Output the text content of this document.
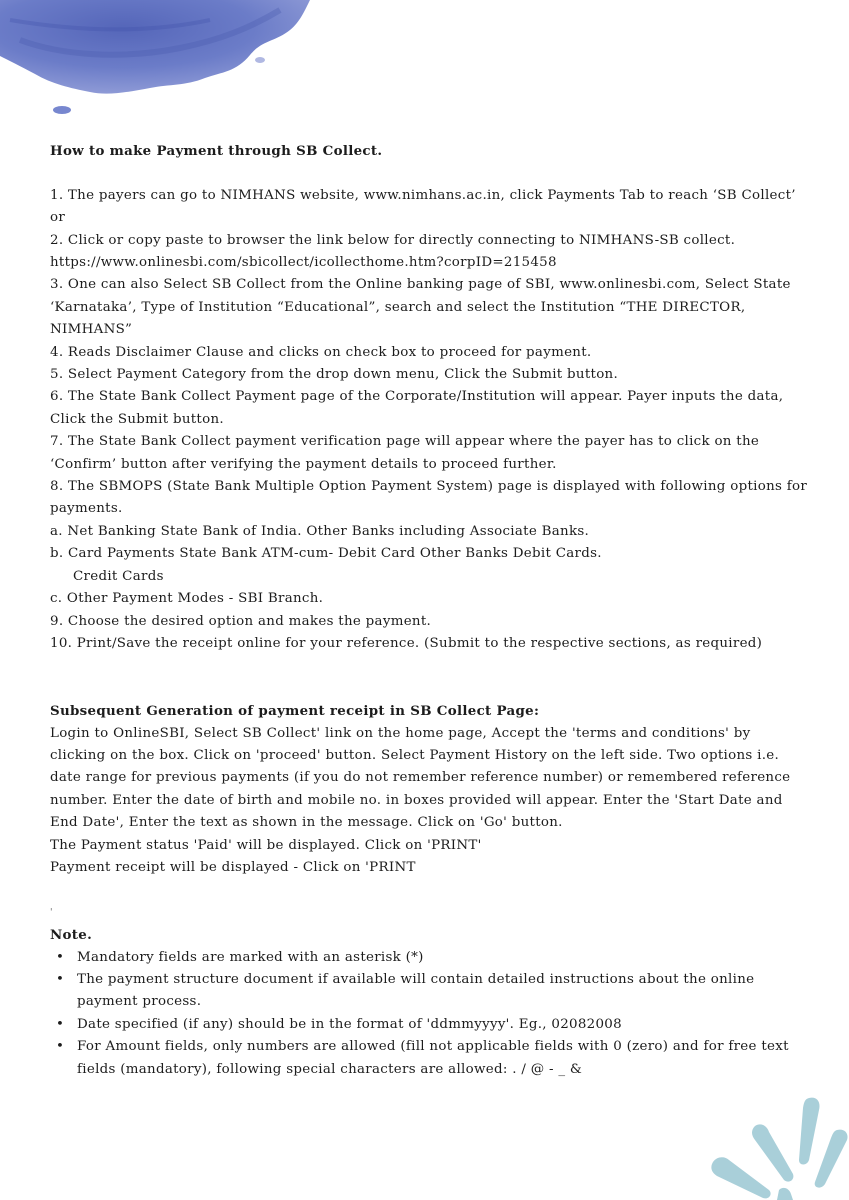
How to make Payment through SB Collect.

1. The payers can go to NIMHANS website, www.nimhans.ac.in, click Payments Tab to reach ‘SB Collect’ or

2. Click or copy paste to browser the link below for directly connecting to NIMHANS-SB collect. https://www.onlinesbi.com/sbicollect/icollecthome.htm?corpID=215458

3. One can also Select SB Collect from the Online banking page of SBI, www.onlinesbi.com, Select State ‘Karnataka’, Type of Institution “Educational”, search and select the Institution “THE DIRECTOR, NIMHANS”

4. Reads Disclaimer Clause and clicks on check box to proceed for payment.

5. Select Payment Category from the drop down menu, Click the Submit button.

6. The State Bank Collect Payment page of the Corporate/Institution will appear. Payer inputs the data, Click the Submit button.

7. The State Bank Collect payment verification page will appear where the payer has to click on the ‘Confirm’ button after verifying the payment details to proceed further.

8. The SBMOPS (State Bank Multiple Option Payment System) page is displayed with following options for payments.

a. Net Banking State Bank of India. Other Banks including Associate Banks.

b. Card Payments State Bank ATM-cum- Debit Card Other Banks Debit Cards.

Credit Cards

c. Other Payment Modes - SBI Branch.

9. Choose the desired option and makes the payment.

10. Print/Save the receipt online for your reference. (Submit to the respective sections, as required)

Subsequent Generation of payment receipt in SB Collect Page:

Login to OnlineSBI, Select SB Collect' link on the home page, Accept the 'terms and conditions' by clicking on the box. Click on 'proceed' button. Select Payment History on the left side. Two options i.e. date range for previous payments (if you do not remember reference number) or remembered reference number. Enter the date of birth and mobile no. in boxes provided will appear. Enter the 'Start Date and End Date', Enter the text as shown in the message. Click on 'Go' button.

The Payment status 'Paid' will be displayed. Click on 'PRINT'

Payment receipt will be displayed - Click on 'PRINT

'

Note.

• Mandatory fields are marked with an asterisk (*)
• The payment structure document if available will contain detailed instructions about the online payment process.
• Date specified (if any) should be in the format of 'ddmmyyyy'. Eg., 02082008
• For Amount fields, only numbers are allowed (fill not applicable fields with 0 (zero) and for free text fields (mandatory), following special characters are allowed: . / @ - _ &
